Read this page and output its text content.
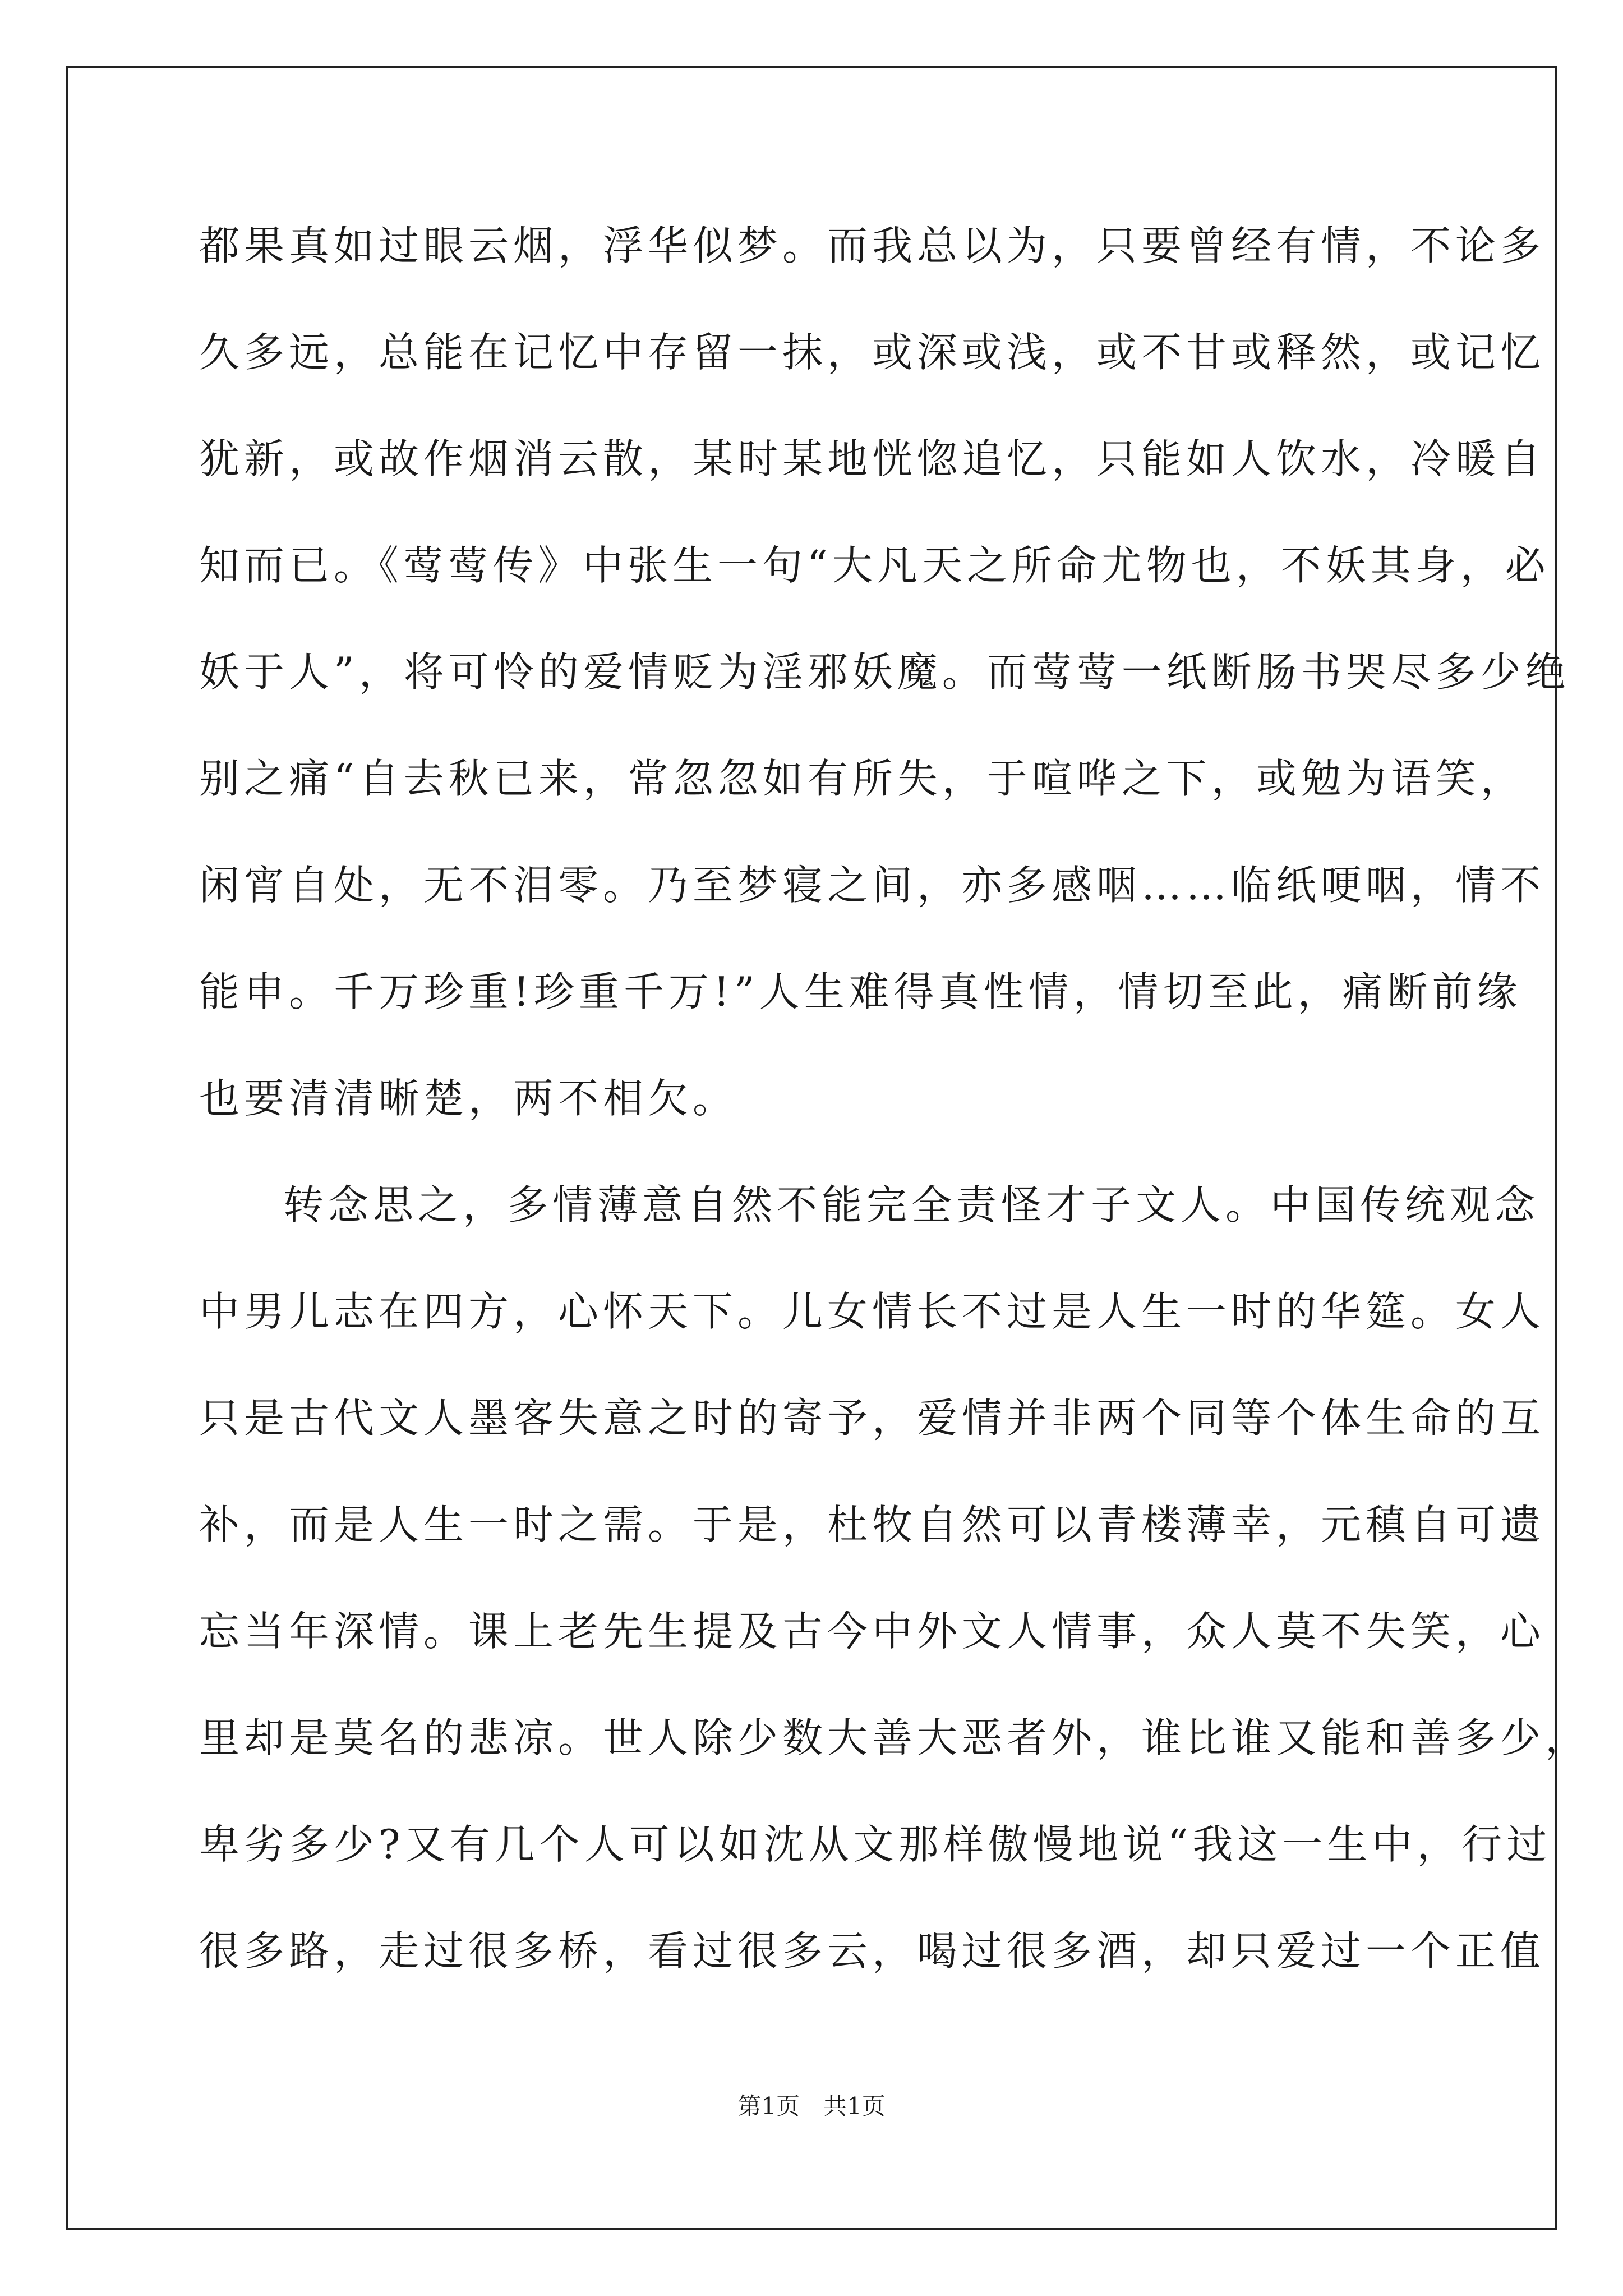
都果真如过眼云烟，浮华似梦。而我总以为，只要曾经有情，不论多
久多远，总能在记忆中存留一抹，或深或浅，或不甘或释然，或记忆
犹新，或故作烟消云散，某时某地恍惚追忆，只能如人饮水，冷暖自
知而已。《莺莺传》中张生一句“大凡天之所命尤物也，不妖其身，必
妖于人”，将可怜的爱情贬为淫邪妖魔。而莺莺一纸断肠书哭尽多少绝
别之痛“自去秋已来，常忽忽如有所失，于喧哗之下，或勉为语笑，
闲宵自处，无不泪零。乃至梦寝之间，亦多感咽……临纸哽咽，情不
能申。千万珍重!珍重千万!”人生难得真性情，情切至此，痛断前缘
也要清清晰楚，两不相欠。
转念思之，多情薄意自然不能完全责怪才子文人。中国传统观念
中男儿志在四方，心怀天下。儿女情长不过是人生一时的华筵。女人
只是古代文人墨客失意之时的寄予，爱情并非两个同等个体生命的互
补，而是人生一时之需。于是，杜牧自然可以青楼薄幸，元稹自可遗
忘当年深情。课上老先生提及古今中外文人情事，众人莫不失笑，心
里却是莫名的悲凉。世人除少数大善大恶者外，谁比谁又能和善多少，
卑劣多少?又有几个人可以如沈从文那样傲慢地说“我这一生中，行过
很多路，走过很多桥，看过很多云，喝过很多酒，却只爱过一个正值
第1页　共1页
